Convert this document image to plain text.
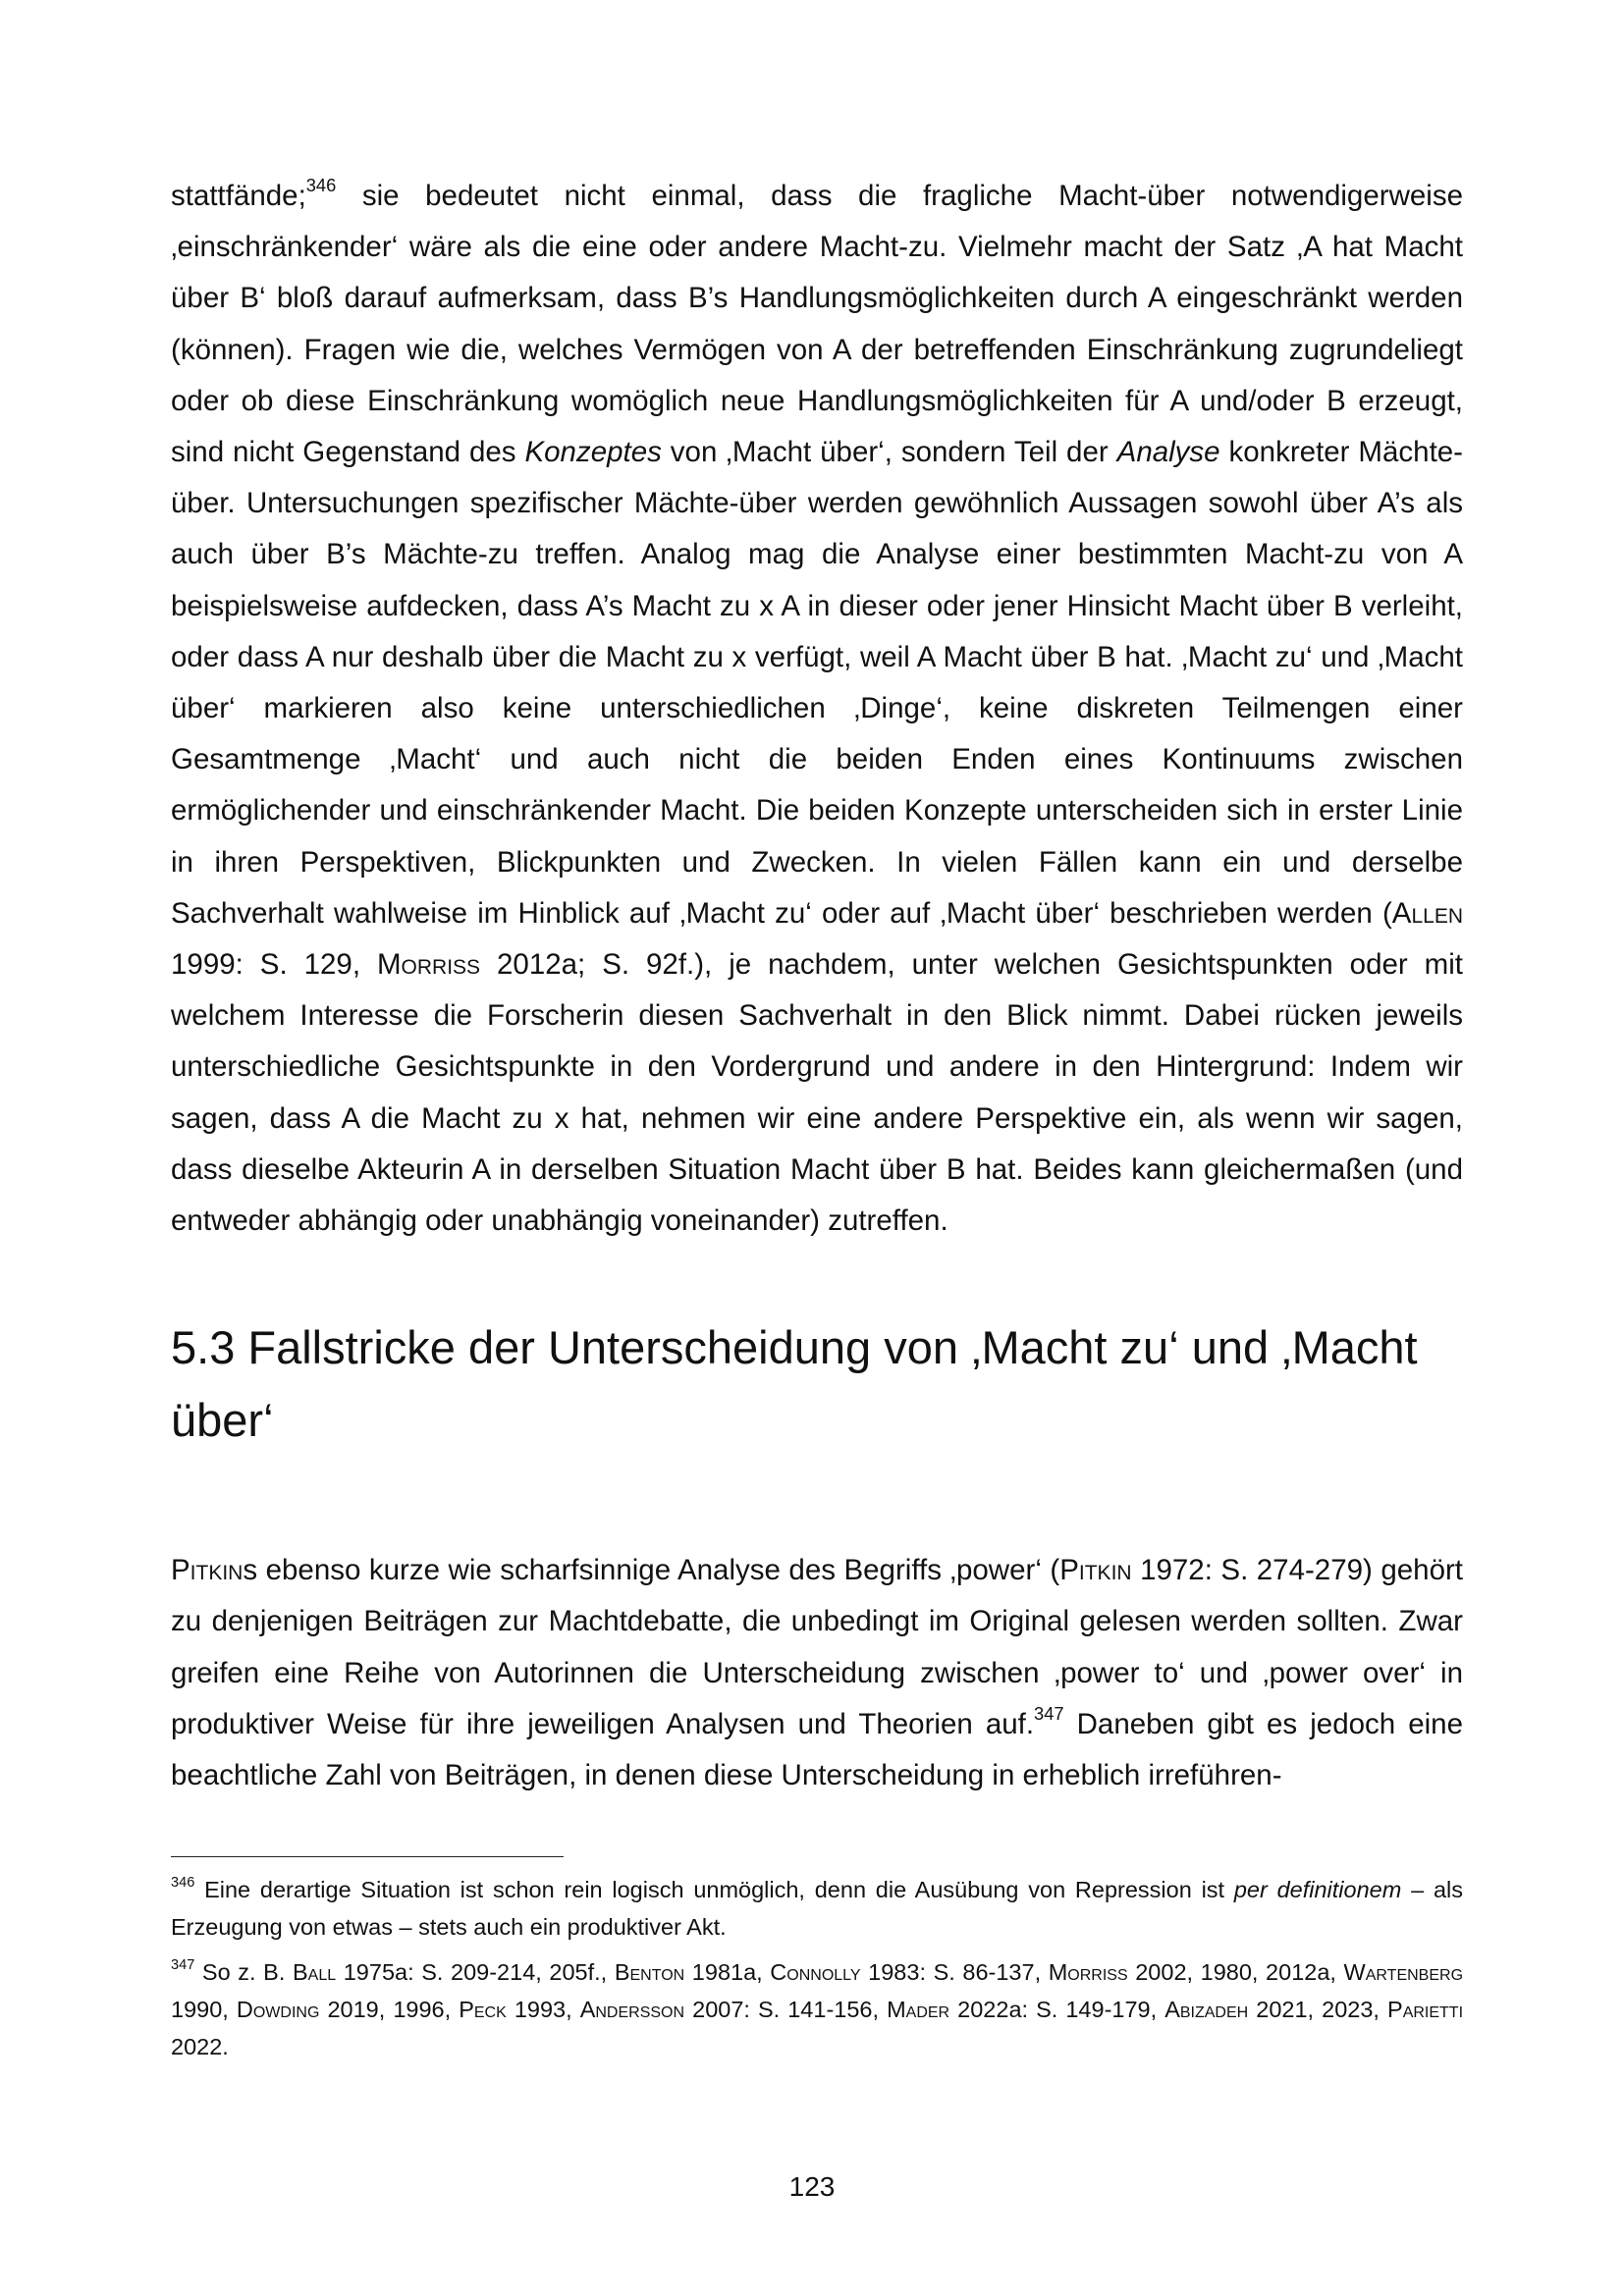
stattfände;$^{346}$ sie bedeutet nicht einmal, dass die fragliche Macht-über notwendigerweise ‚einschränkender‘ wäre als die eine oder andere Macht-zu. Vielmehr macht der Satz ‚A hat Macht über B‘ bloß darauf aufmerksam, dass B’s Handlungsmöglichkeiten durch A eingeschränkt werden (können). Fragen wie die, welches Vermögen von A der betreffenden Einschränkung zugrundeliegt oder ob diese Einschränkung womöglich neue Handlungsmöglichkeiten für A und/oder B erzeugt, sind nicht Gegenstand des Konzeptes von ‚Macht über‘, sondern Teil der Analyse konkreter Mächte-über. Untersuchungen spezifischer Mächte-über werden gewöhnlich Aussagen sowohl über A’s als auch über B’s Mächte-zu treffen. Analog mag die Analyse einer bestimmten Macht-zu von A beispielsweise aufdecken, dass A’s Macht zu x A in dieser oder jener Hinsicht Macht über B verleiht, oder dass A nur deshalb über die Macht zu x verfügt, weil A Macht über B hat. ‚Macht zu‘ und ‚Macht über‘ markieren also keine unterschiedlichen ‚Dinge‘, keine diskreten Teilmengen einer Gesamtmenge ‚Macht‘ und auch nicht die beiden Enden eines Kontinuums zwischen ermöglichender und einschränkender Macht. Die beiden Konzepte unterscheiden sich in erster Linie in ihren Perspektiven, Blickpunkten und Zwecken. In vielen Fällen kann ein und derselbe Sachverhalt wahlweise im Hinblick auf ‚Macht zu‘ oder auf ‚Macht über‘ beschrieben werden (Allen 1999: S. 129, Morriss 2012a; S. 92f.), je nachdem, unter welchen Gesichtspunkten oder mit welchem Interesse die Forscherin diesen Sachverhalt in den Blick nimmt. Dabei rücken jeweils unterschiedliche Gesichtspunkte in den Vordergrund und andere in den Hintergrund: Indem wir sagen, dass A die Macht zu x hat, nehmen wir eine andere Perspektive ein, als wenn wir sagen, dass dieselbe Akteurin A in derselben Situation Macht über B hat. Beides kann gleichermaßen (und entweder abhängig oder unabhängig voneinander) zutreffen.

5.3 Fallstricke der Unterscheidung von ‚Macht zu‘ und ‚Macht über‘

Pitkins ebenso kurze wie scharfsinnige Analyse des Begriffs ‚power‘ (Pitkin 1972: S. 274-279) gehört zu denjenigen Beiträgen zur Machtdebatte, die unbedingt im Original gelesen werden sollten. Zwar greifen eine Reihe von Autorinnen die Unterscheidung zwischen ‚power to‘ und ‚power over‘ in produktiver Weise für ihre jeweiligen Analysen und Theorien auf.$^{347}$ Daneben gibt es jedoch eine beachtliche Zahl von Beiträgen, in denen diese Unterscheidung in erheblich irreführen-

$^{346}$ Eine derartige Situation ist schon rein logisch unmöglich, denn die Ausübung von Repression ist per definitionem – als Erzeugung von etwas – stets auch ein produktiver Akt.

$^{347}$ So z. B. Ball 1975a: S. 209-214, 205f., Benton 1981a, Connolly 1983: S. 86-137, Morriss 2002, 1980, 2012a, Wartenberg 1990, Dowding 2019, 1996, Peck 1993, Andersson 2007: S. 141-156, Mader 2022a: S. 149-179, Abizadeh 2021, 2023, Parietti 2022.

123
